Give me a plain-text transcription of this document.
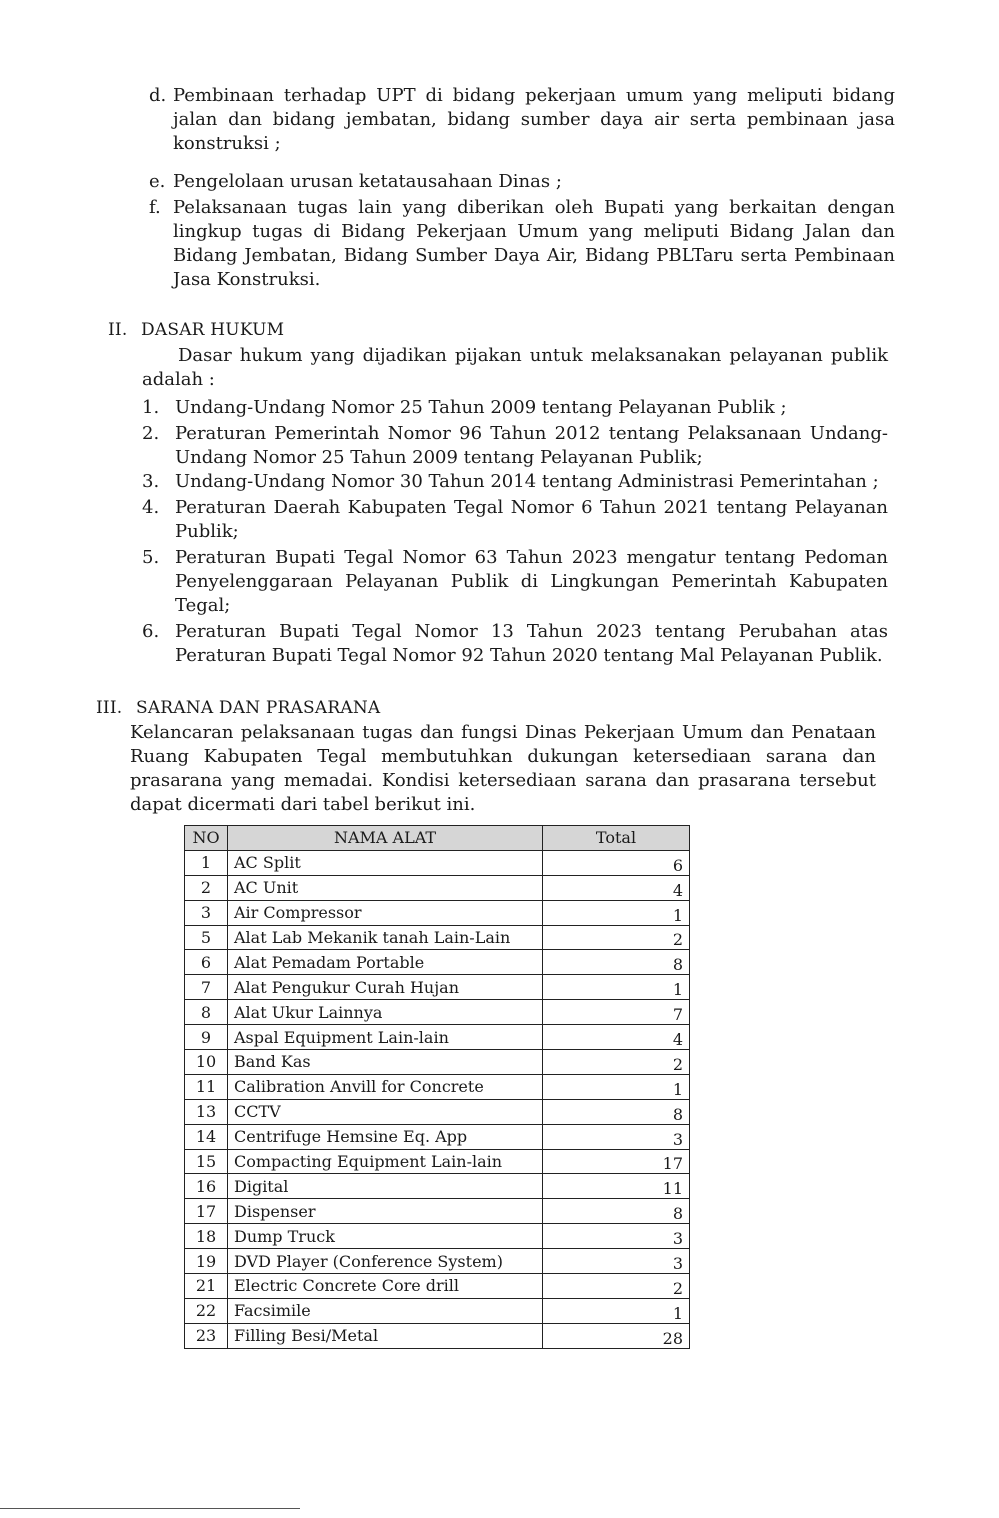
d. Pembinaan terhadap UPT di bidang pekerjaan umum yang meliputi bidang jalan dan bidang jembatan, bidang sumber daya air serta pembinaan jasa konstruksi ;
e. Pengelolaan urusan ketatausahaan Dinas ;
f. Pelaksanaan tugas lain yang diberikan oleh Bupati yang berkaitan dengan lingkup tugas di Bidang Pekerjaan Umum yang meliputi Bidang Jalan dan Bidang Jembatan, Bidang Sumber Daya Air, Bidang PBLTaru serta Pembinaan Jasa Konstruksi.
II. DASAR HUKUM
Dasar hukum yang dijadikan pijakan untuk melaksanakan pelayanan publik adalah :
1. Undang-Undang Nomor 25 Tahun 2009 tentang Pelayanan Publik ;
2. Peraturan Pemerintah Nomor 96 Tahun 2012 tentang Pelaksanaan Undang-Undang Nomor 25 Tahun 2009 tentang Pelayanan Publik;
3. Undang-Undang Nomor 30 Tahun 2014 tentang Administrasi Pemerintahan ;
4. Peraturan Daerah Kabupaten Tegal Nomor 6 Tahun 2021 tentang Pelayanan Publik;
5. Peraturan Bupati Tegal Nomor 63 Tahun 2023 mengatur tentang Pedoman Penyelenggaraan Pelayanan Publik di Lingkungan Pemerintah Kabupaten Tegal;
6. Peraturan Bupati Tegal Nomor 13 Tahun 2023 tentang Perubahan atas Peraturan Bupati Tegal Nomor 92 Tahun 2020 tentang Mal Pelayanan Publik.
III. SARANA DAN PRASARANA
Kelancaran pelaksanaan tugas dan fungsi Dinas Pekerjaan Umum dan Penataan Ruang Kabupaten Tegal membutuhkan dukungan ketersediaan sarana dan prasarana yang memadai. Kondisi ketersediaan sarana dan prasarana tersebut dapat dicermati dari tabel berikut ini.
NO	NAMA ALAT	Total
1	AC Split	6
2	AC Unit	4
3	Air Compressor	1
5	Alat Lab Mekanik tanah Lain-Lain	2
6	Alat Pemadam Portable	8
7	Alat Pengukur Curah Hujan	1
8	Alat Ukur Lainnya	7
9	Aspal Equipment Lain-lain	4
10	Band Kas	2
11	Calibration Anvill for Concrete	1
13	CCTV	8
14	Centrifuge Hemsine Eq. App	3
15	Compacting Equipment Lain-lain	17
16	Digital	11
17	Dispenser	8
18	Dump Truck	3
19	DVD Player (Conference System)	3
21	Electric Concrete Core drill	2
22	Facsimile	1
23	Filling Besi/Metal	28
